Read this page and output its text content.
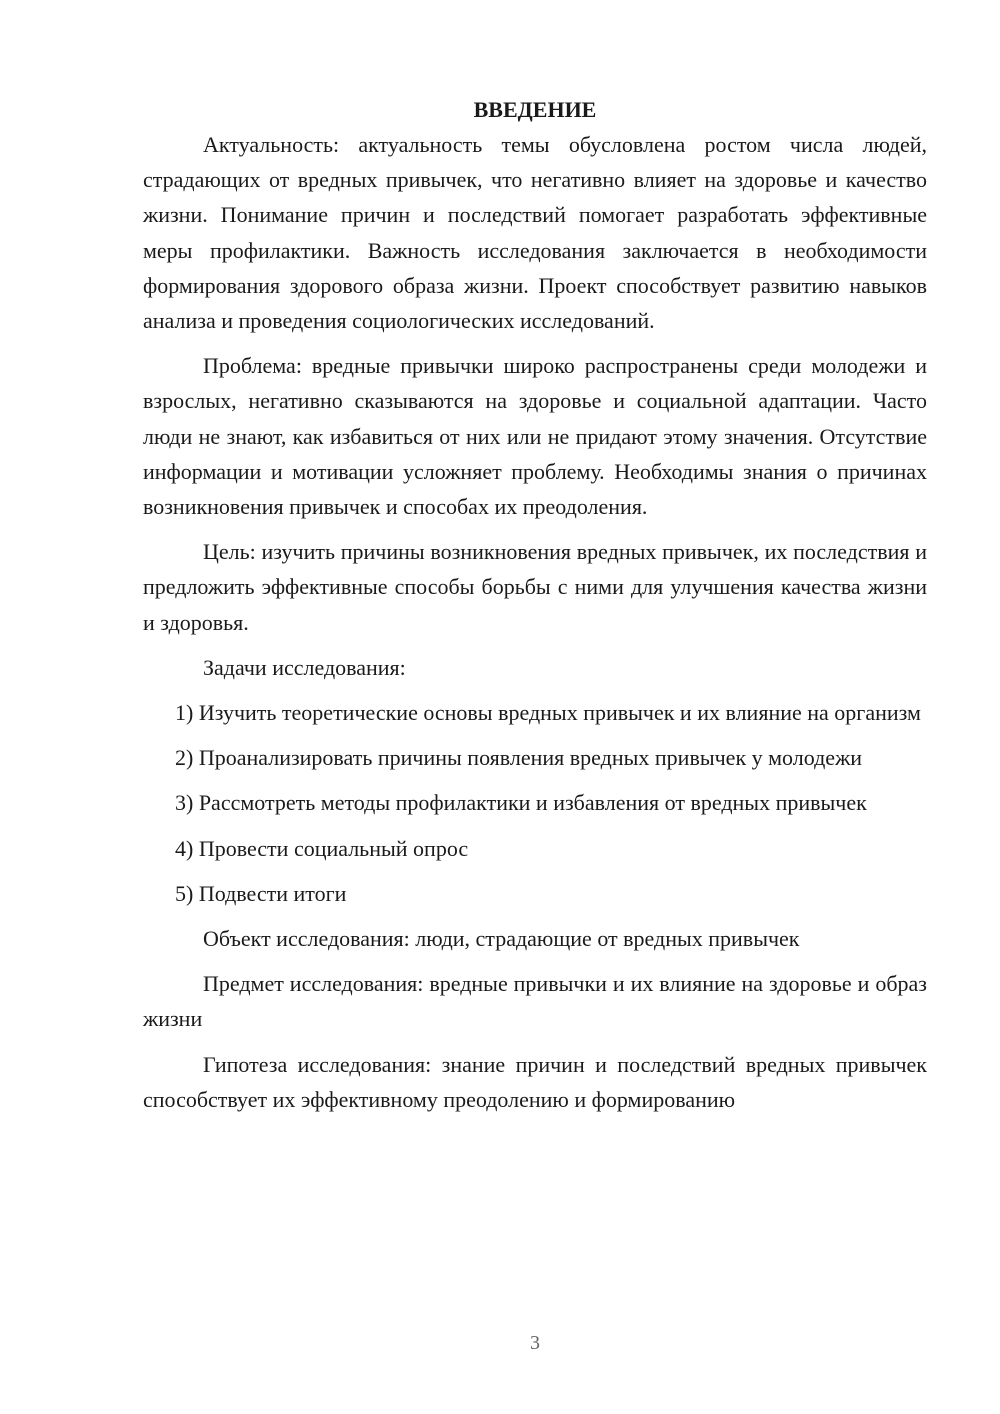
ВВЕДЕНИЕ

Актуальность: актуальность темы обусловлена ростом числа людей, страдающих от вредных привычек, что негативно влияет на здоровье и качество жизни. Понимание причин и последствий помогает разработать эффективные меры профилактики. Важность исследования заключается в необходимости формирования здорового образа жизни. Проект способствует развитию навыков анализа и проведения социологических исследований.

Проблема: вредные привычки широко распространены среди молодежи и взрослых, негативно сказываются на здоровье и социальной адаптации. Часто люди не знают, как избавиться от них или не придают этому значения. Отсутствие информации и мотивации усложняет проблему. Необходимы знания о причинах возникновения привычек и способах их преодоления.

Цель: изучить причины возникновения вредных привычек, их последствия и предложить эффективные способы борьбы с ними для улучшения качества жизни и здоровья.

Задачи исследования:

1) Изучить теоретические основы вредных привычек и их влияние на организм

2) Проанализировать причины появления вредных привычек у молодежи

3) Рассмотреть методы профилактики и избавления от вредных привычек

4) Провести социальный опрос

5) Подвести итоги

Объект исследования: люди, страдающие от вредных привычек

Предмет исследования: вредные привычки и их влияние на здоровье и образ жизни

Гипотеза исследования: знание причин и последствий вредных привычек способствует их эффективному преодолению и формированию

3
